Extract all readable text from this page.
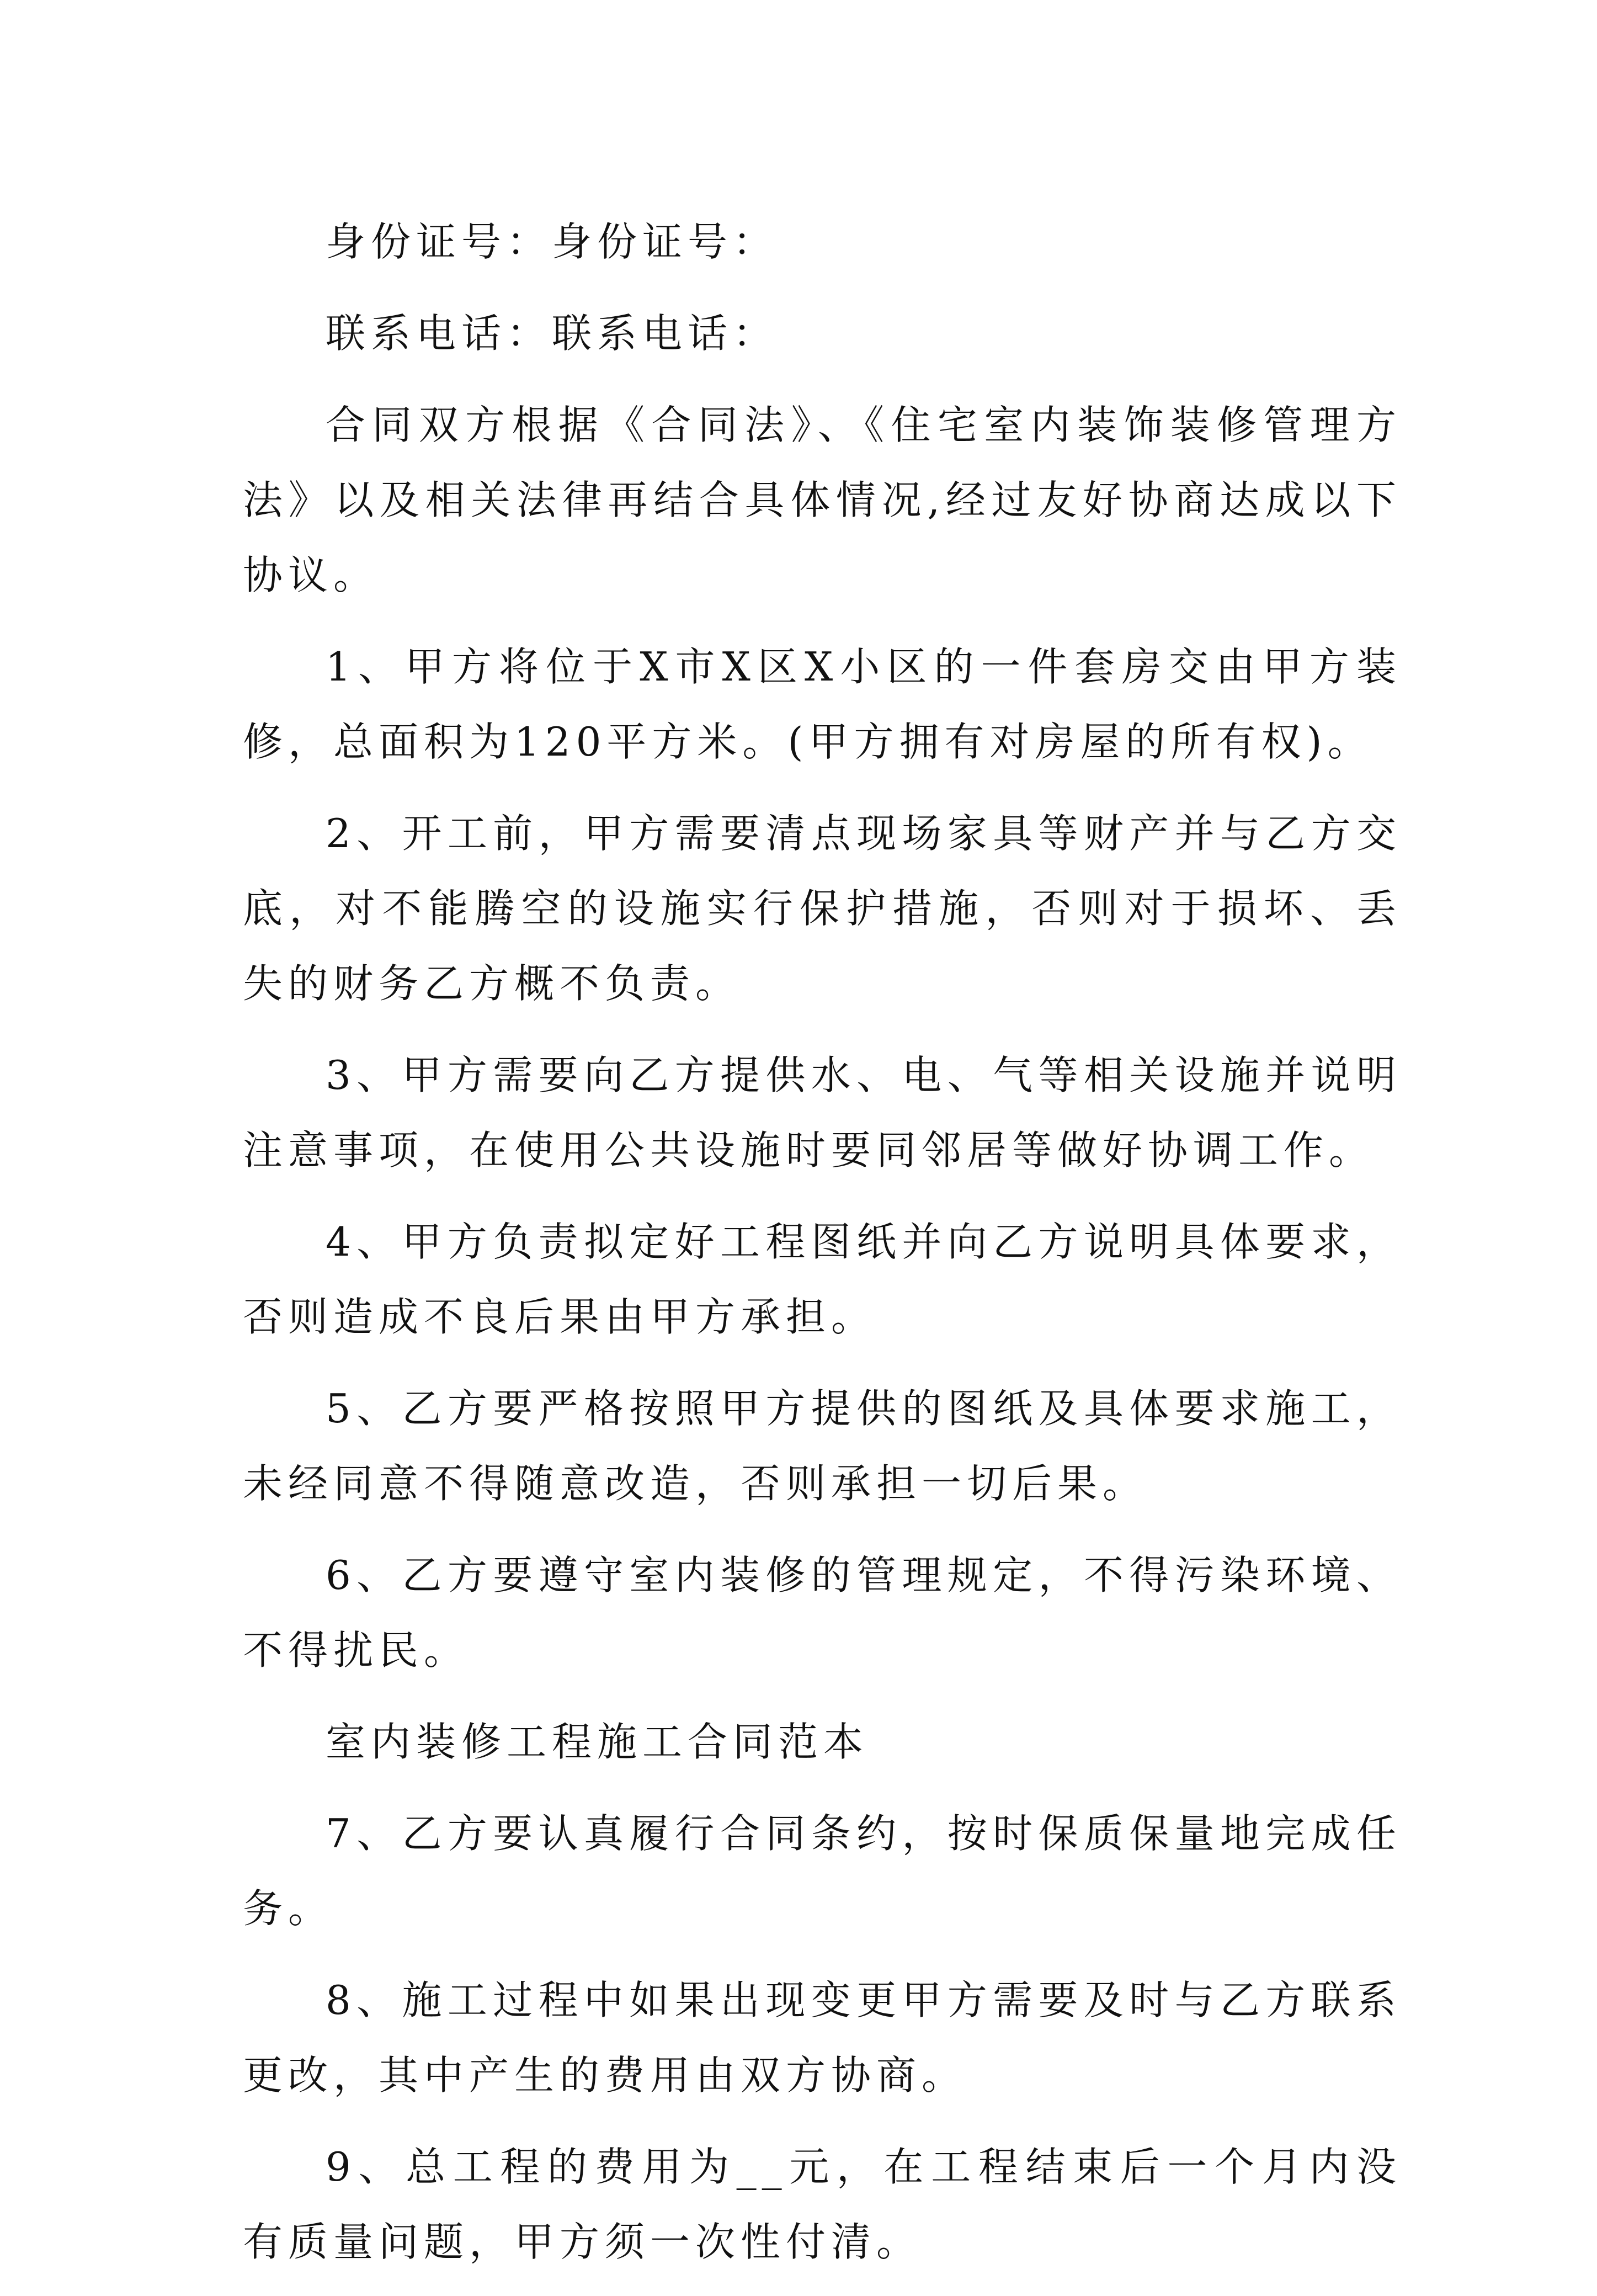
身份证号：身份证号：

联系电话：联系电话：

合同双方根据《合同法》、《住宅室内装饰装修管理方法》以及相关法律再结合具体情况,经过友好协商达成以下协议。

1、甲方将位于X市X区X小区的一件套房交由甲方装修，总面积为120平方米。(甲方拥有对房屋的所有权)。

2、开工前，甲方需要清点现场家具等财产并与乙方交底，对不能腾空的设施实行保护措施，否则对于损坏、丢失的财务乙方概不负责。

3、甲方需要向乙方提供水、电、气等相关设施并说明注意事项，在使用公共设施时要同邻居等做好协调工作。

4、甲方负责拟定好工程图纸并向乙方说明具体要求，否则造成不良后果由甲方承担。

5、乙方要严格按照甲方提供的图纸及具体要求施工，未经同意不得随意改造，否则承担一切后果。

6、乙方要遵守室内装修的管理规定，不得污染环境、不得扰民。

室内装修工程施工合同范本

7、乙方要认真履行合同条约，按时保质保量地完成任务。

8、施工过程中如果出现变更甲方需要及时与乙方联系更改，其中产生的费用由双方协商。

9、总工程的费用为__元，在工程结束后一个月内没有质量问题，甲方须一次性付清。
